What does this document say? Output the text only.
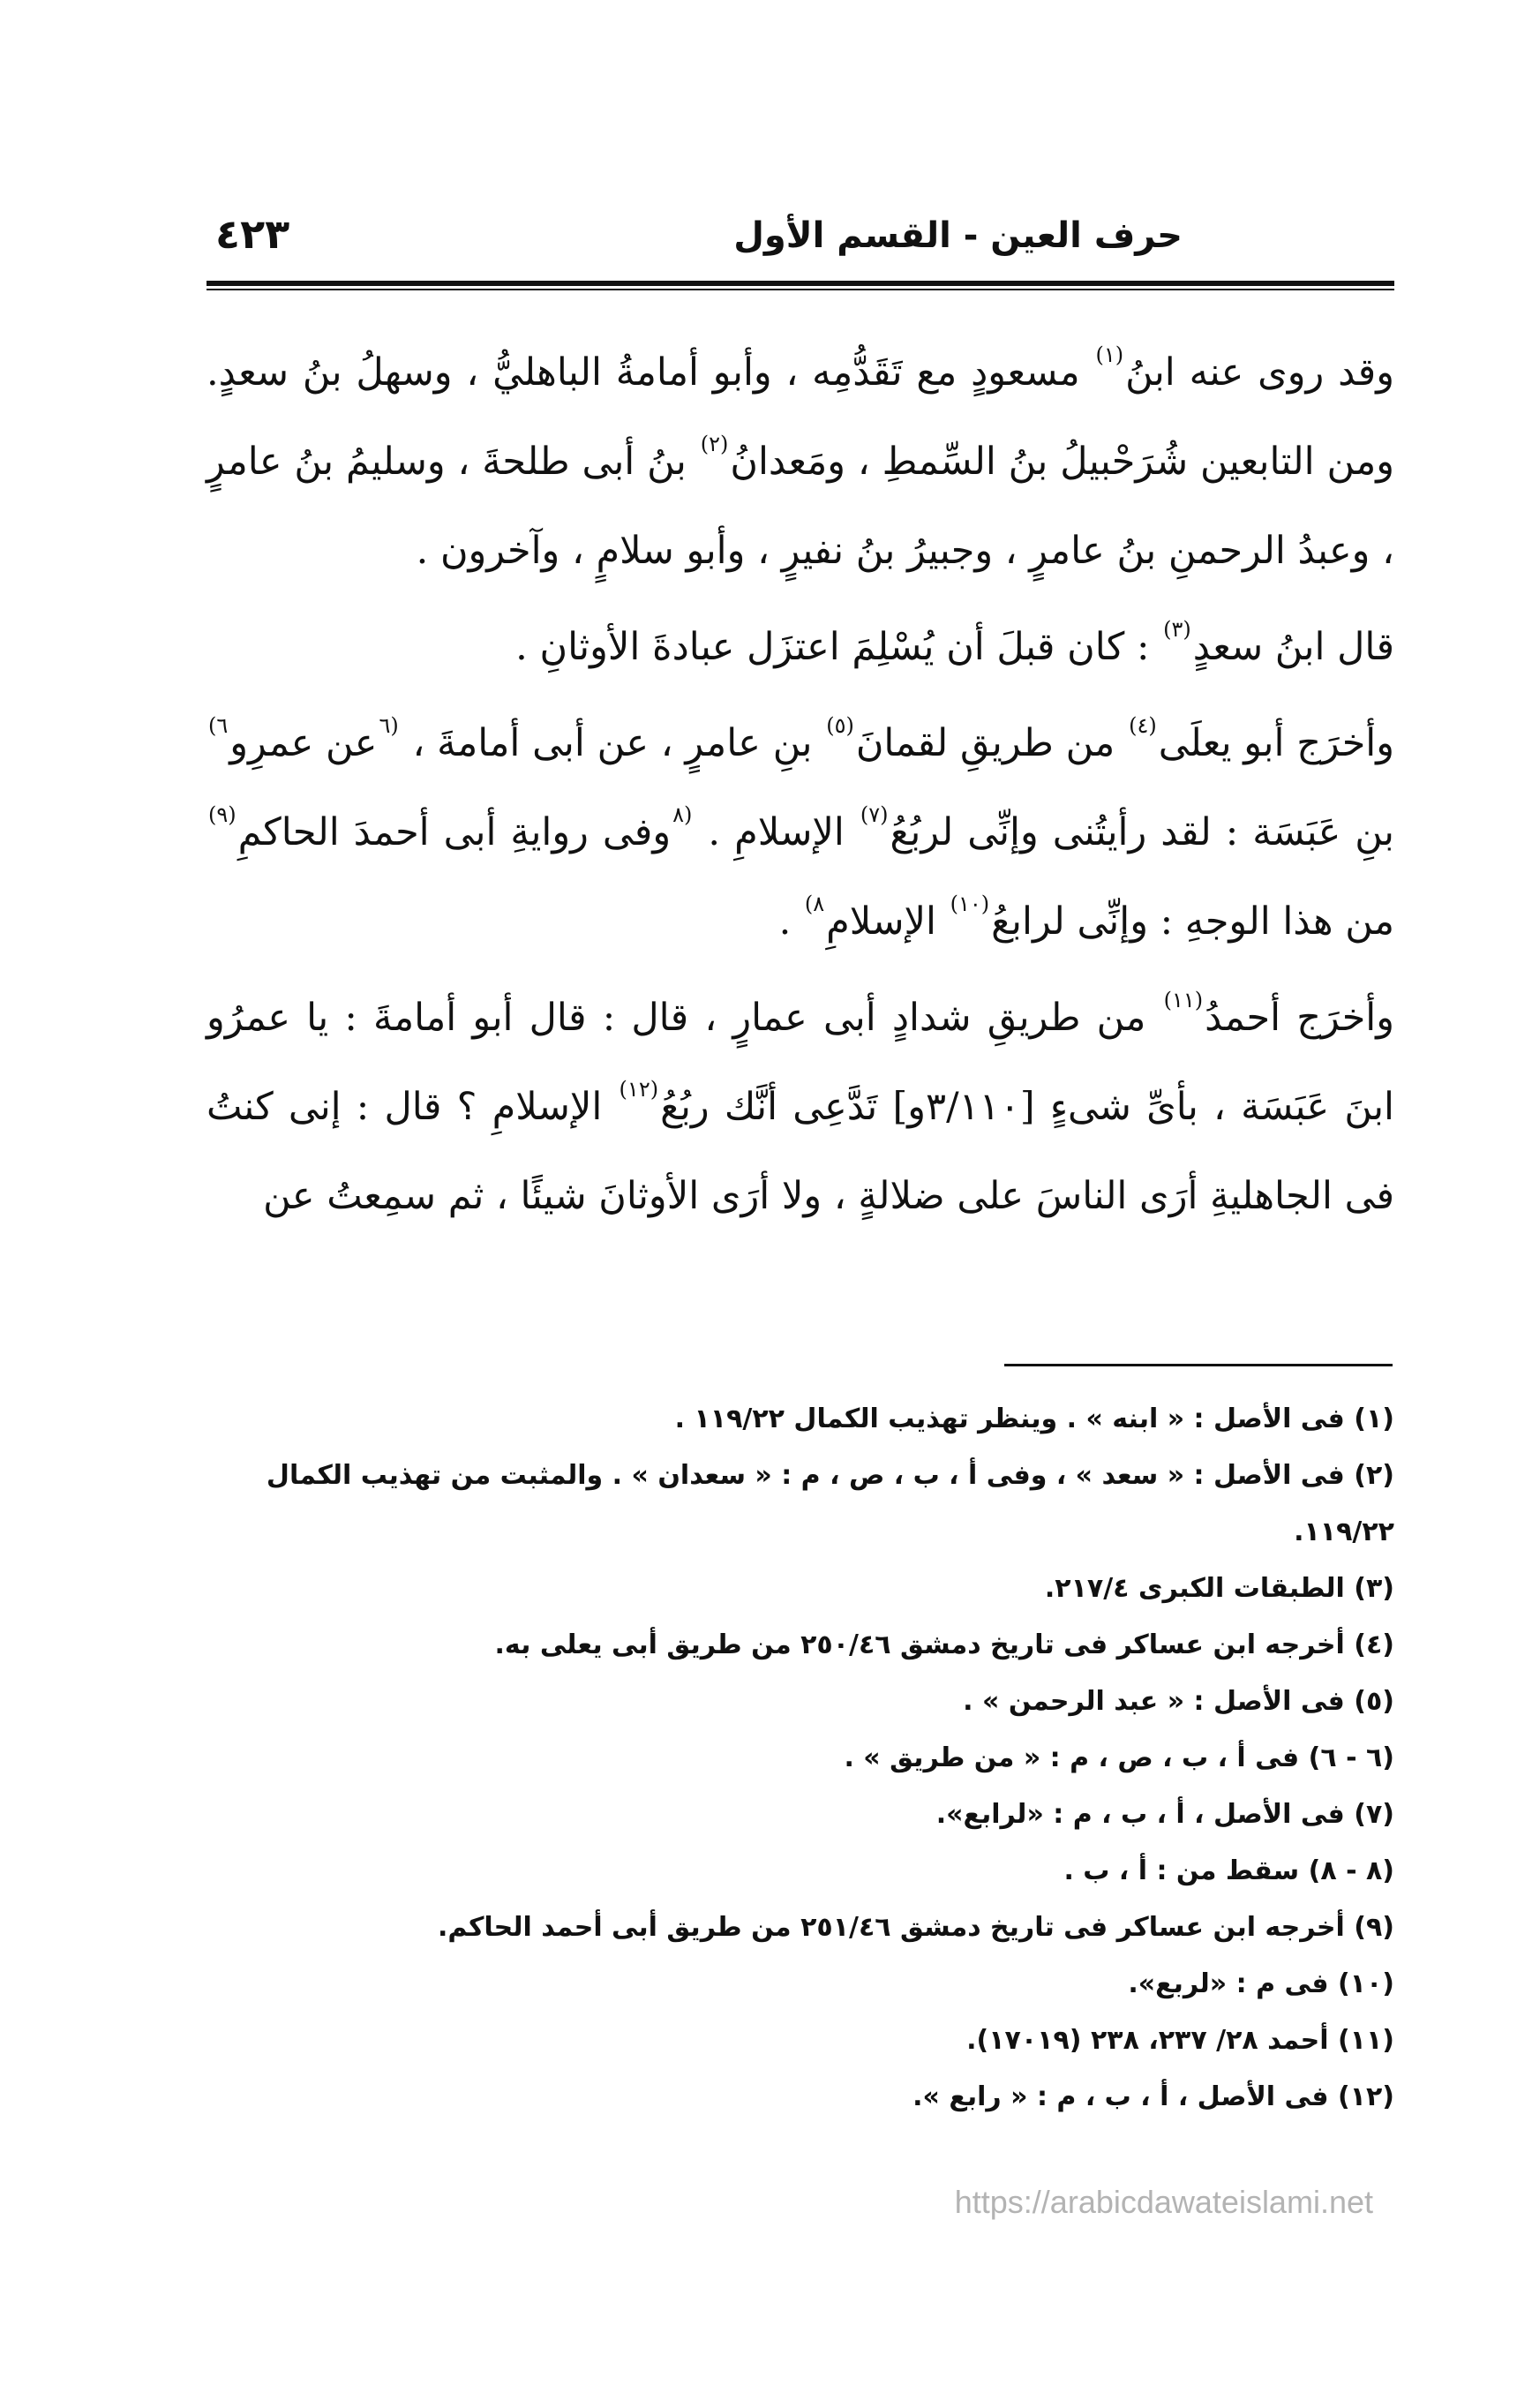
حرف العين - القسم الأول
٤٢٣

وقد روى عنه ابنُ$^{(١)}$ مسعودٍ مع تَقَدُّمِه ، وأبو أمامةُ الباهليُّ ، وسهلُ بنُ سعدٍ. ومن التابعين شُرَحْبيلُ بنُ السِّمطِ ، ومَعدانُ$^{(٢)}$ بنُ أبى طلحةَ ، وسليمُ بنُ عامرٍ ، وعبدُ الرحمنِ بنُ عامرٍ ، وجبيرُ بنُ نفيرٍ ، وأبو سلامٍ ، وآخرون .

قال ابنُ سعدٍ$^{(٣)}$ : كان قبلَ أن يُسْلِمَ اعتزَل عبادةَ الأوثانِ .

وأخرَج أبو يعلَى$^{(٤)}$ من طريقِ لقمانَ$^{(٥)}$ بنِ عامرٍ ، عن أبى أمامةَ ، $^{(٦}$عن عمرِو$^{٦)}$ بنِ عَبَسَة : لقد رأيتُنى وإنِّى لربُعُ$^{(٧)}$ الإسلامِ . $^{(٨}$وفى روايةِ أبى أحمدَ الحاكمِ$^{(٩)}$ من هذا الوجهِ : وإنِّى لرابعُ$^{(١٠)}$ الإسلامِ$^{٨)}$ .

وأخرَج أحمدُ$^{(١١)}$ من طريقِ شدادٍ أبى عمارٍ ، قال : قال أبو أمامةَ : يا عمرُو ابنَ عَبَسَة ، بأىِّ شىءٍ [٣/١١٠و] تَدَّعِى أنَّك ربُعُ$^{(١٢)}$ الإسلامِ ؟ قال : إنى كنتُ فى الجاهليةِ أرَى الناسَ على ضلالةٍ ، ولا أرَى الأوثانَ شيئًا ، ثم سمِعتُ عن

(١) فى الأصل : « ابنه » . وينظر تهذيب الكمال ١١٩/٢٢ .
(٢) فى الأصل : « سعد » ، وفى أ ، ب ، ص ، م : « سعدان » . والمثبت من تهذيب الكمال ١١٩/٢٢.
(٣) الطبقات الكبرى ٢١٧/٤.
(٤) أخرجه ابن عساكر فى تاريخ دمشق ٢٥٠/٤٦ من طريق أبى يعلى به.
(٥) فى الأصل : « عبد الرحمن » .
(٦ - ٦) فى أ ، ب ، ص ، م : « من طريق » .
(٧) فى الأصل ، أ ، ب ، م : «لرابع».
(٨ - ٨) سقط من : أ ، ب .
(٩) أخرجه ابن عساكر فى تاريخ دمشق ٢٥١/٤٦ من طريق أبى أحمد الحاكم.
(١٠) فى م : «لربع».
(١١) أحمد ٢٨/ ٢٣٧، ٢٣٨ (١٧٠١٩).
(١٢) فى الأصل ، أ ، ب ، م : « رابع ».
https://arabicdawateislami.net
